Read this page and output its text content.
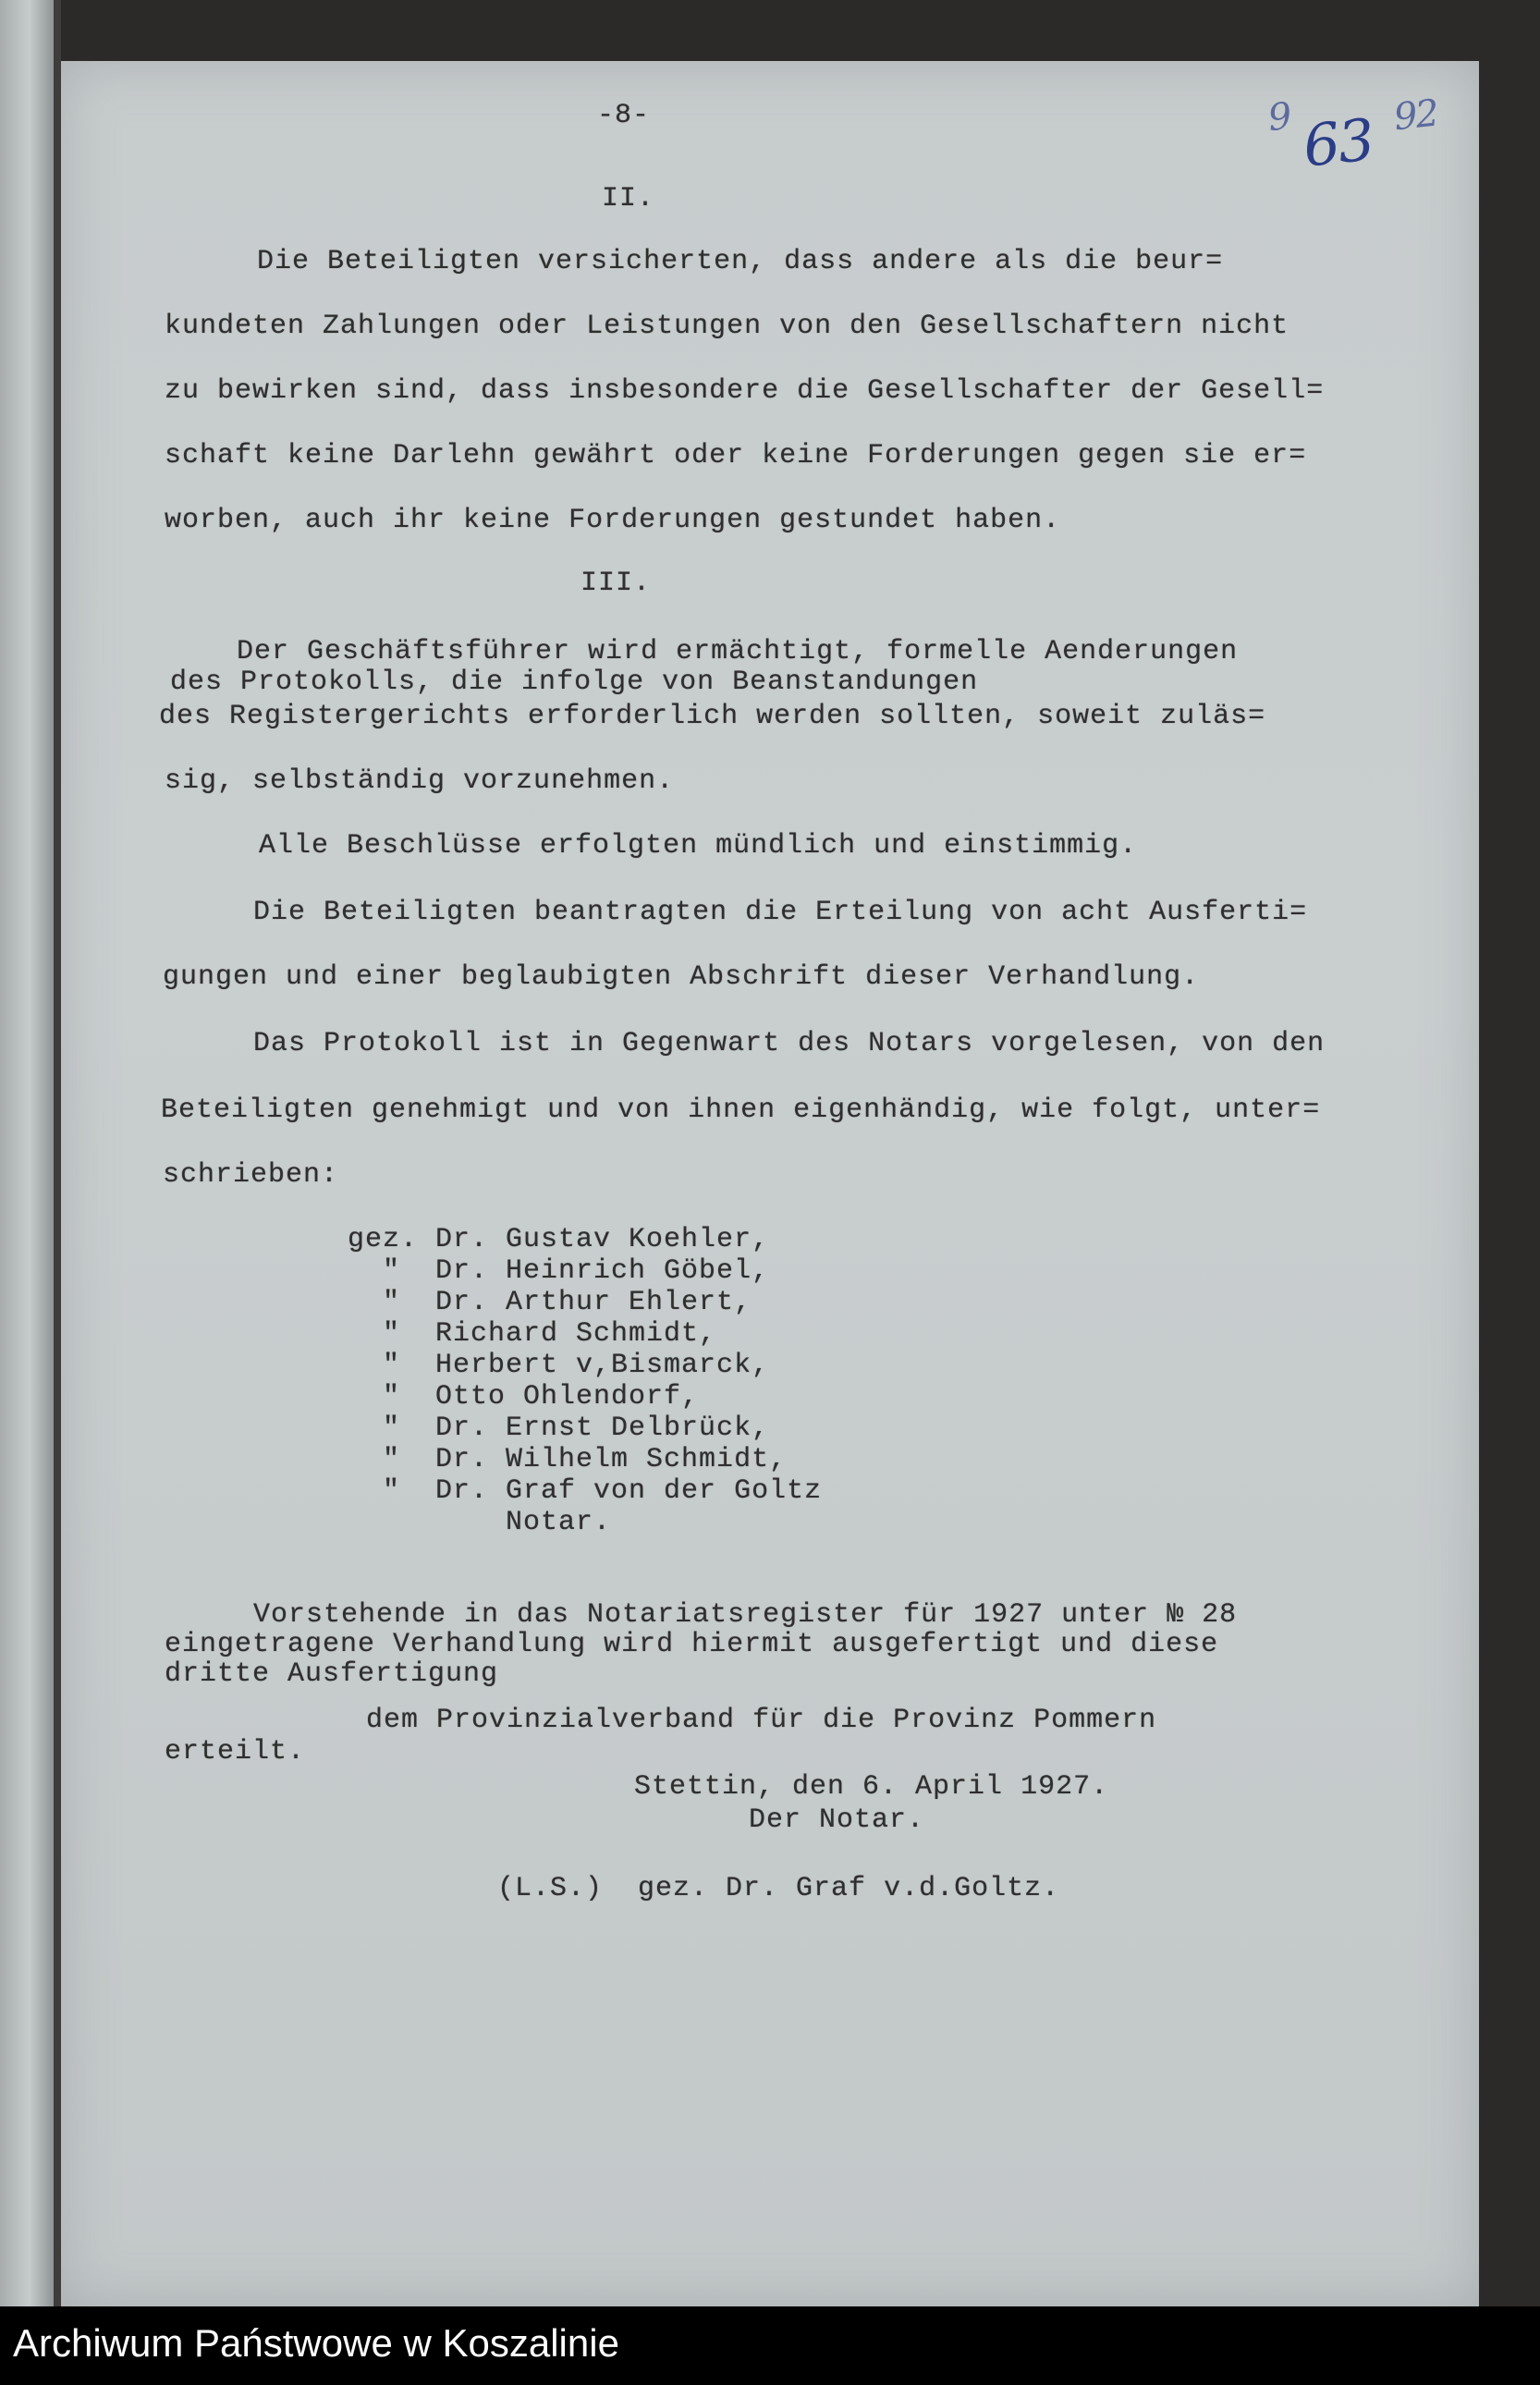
-8-
II.
Die Beteiligten versicherten, dass andere als die beur=
kundeten Zahlungen oder Leistungen von den Gesellschaftern nicht
zu bewirken sind, dass insbesondere die Gesellschafter der Gesell=
schaft keine Darlehn gewährt oder keine Forderungen gegen sie er=
worben, auch ihr keine Forderungen gestundet haben.
III.
Der Geschäftsführer wird ermächtigt, formelle Aenderungen
des Protokolls, die infolge von Beanstandungen
des Registergerichts erforderlich werden sollten, soweit zuläs=
sig, selbständig vorzunehmen.
Alle Beschlüsse erfolgten mündlich und einstimmig.
Die Beteiligten beantragten die Erteilung von acht Ausferti=
gungen und einer beglaubigten Abschrift dieser Verhandlung.
Das Protokoll ist in Gegenwart des Notars vorgelesen, von den
Beteiligten genehmigt und von ihnen eigenhändig, wie folgt, unter=
schrieben:
gez. Dr. Gustav Koehler,
"  Dr. Heinrich Göbel,
"  Dr. Arthur Ehlert,
"  Richard Schmidt,
"  Herbert v,Bismarck,
"  Otto Ohlendorf,
"  Dr. Ernst Delbrück,
"  Dr. Wilhelm Schmidt,
"  Dr. Graf von der Goltz
Notar.
Vorstehende in das Notariatsregister für 1927 unter № 28
eingetragene Verhandlung wird hiermit ausgefertigt und diese
dritte Ausfertigung
dem Provinzialverband für die Provinz Pommern
erteilt.
Stettin, den 6. April 1927.
Der Notar.
(L.S.)  gez. Dr. Graf v.d.Goltz.
9 63 92
Archiwum Państwowe w Koszalinie
